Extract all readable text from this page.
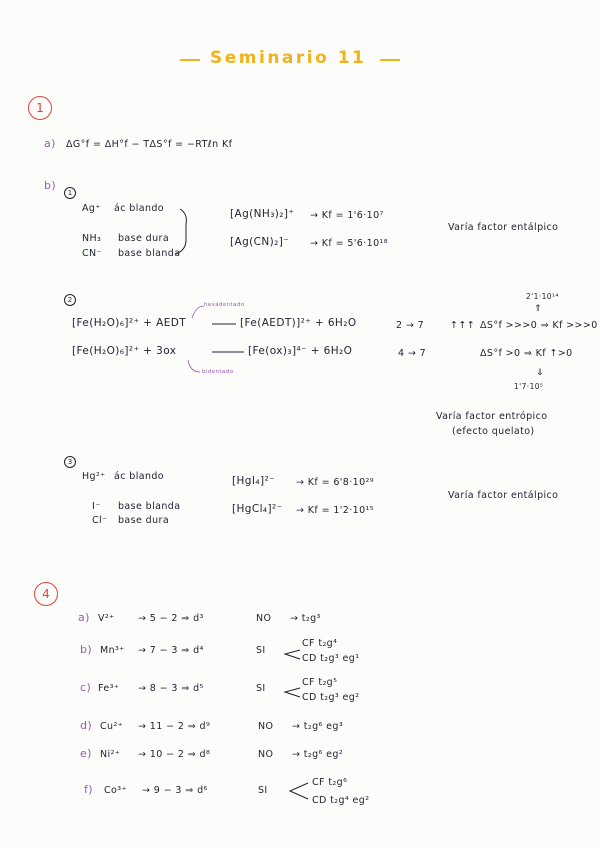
Seminario 11
1
a) ΔG°f = ΔH°f − TΔS°f = −RTℓn Kf
b)
1
Ag⁺ ác blando
NH₃ base dura
CN⁻ base blanda
[Ag(NH₃)₂]⁺ → Kf = 1'6·10⁷
[Ag(CN)₂]⁻ → Kf = 5'6·10¹⁸
Varía factor entálpico
2
hexadentado
2'1·10¹⁴
⇑
[Fe(H₂O)₆]²⁺ + AEDT	[Fe(AEDT)]²⁺ + 6H₂O	2 → 7	↑↑↑ ΔS°f >>>0 ⇒ Kf >>>0
[Fe(H₂O)₆]²⁺ + 3ox	[Fe(ox)₃]⁴⁻ + 6H₂O	4 → 7	ΔS°f >0 ⇒ Kf ↑>0
bidentado	⇓
1'7·10⁵
Varía factor entrópico
(efecto quelato)
3
Hg²⁺ ác blando
I⁻ base blanda
Cl⁻ base dura
[HgI₄]²⁻ → Kf = 6'8·10²⁹
[HgCl₄]²⁻ → Kf = 1'2·10¹⁵
Varía factor entálpico
4
a) V²⁺ → 5 − 2 ⇒ d³	NO → t₂g³
b) Mn³⁺ → 7 − 3 ⇒ d⁴	SI
CF t₂g⁴
CD t₂g³ eg¹
c) Fe³⁺ → 8 − 3 ⇒ d⁵	SI
CF t₂g⁵
CD t₂g³ eg²
d) Cu²⁺ → 11 − 2 ⇒ d⁹	NO → t₂g⁶ eg³
e) Ni²⁺ → 10 − 2 ⇒ d⁸	NO → t₂g⁶ eg²
f) Co³⁺ → 9 − 3 ⇒ d⁶	SI
CF t₂g⁶
CD t₂g⁴ eg²
